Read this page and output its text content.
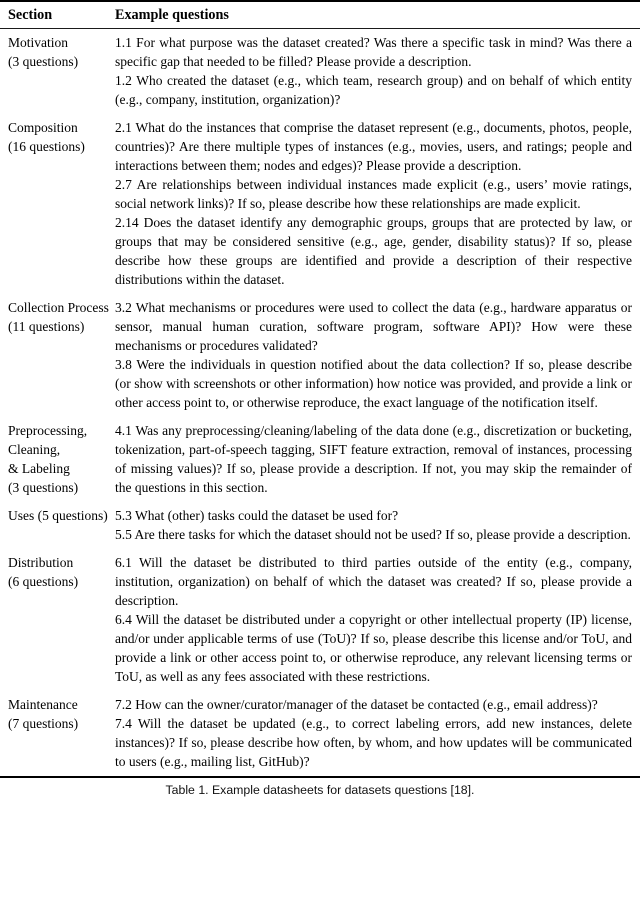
Section	Example questions
Motivation (3 questions)

1.1 For what purpose was the dataset created? Was there a specific task in mind? Was there a specific gap that needed to be filled? Please provide a description.

1.2 Who created the dataset (e.g., which team, research group) and on behalf of which entity (e.g., company, institution, organization)?

Composition (16 questions)

2.1 What do the instances that comprise the dataset represent (e.g., documents, photos, people, countries)? Are there multiple types of instances (e.g., movies, users, and ratings; people and interactions between them; nodes and edges)? Please provide a description.

2.7 Are relationships between individual instances made explicit (e.g., users’ movie ratings, social network links)? If so, please describe how these relationships are made explicit.

2.14 Does the dataset identify any demographic groups, groups that are protected by law, or groups that may be considered sensitive (e.g., age, gender, disability status)? If so, please describe how these groups are identified and provide a description of their respective distributions within the dataset.

Collection Process (11 questions)

3.2 What mechanisms or procedures were used to collect the data (e.g., hardware apparatus or sensor, manual human curation, software program, software API)? How were these mechanisms or procedures validated?

3.8 Were the individuals in question notified about the data collection? If so, please describe (or show with screenshots or other information) how notice was provided, and provide a link or other access point to, or otherwise reproduce, the exact language of the notification itself.

Preprocessing, Cleaning, & Labeling (3 questions)

4.1 Was any preprocessing/cleaning/labeling of the data done (e.g., discretization or bucketing, tokenization, part-of-speech tagging, SIFT feature extraction, removal of instances, processing of missing values)? If so, please provide a description. If not, you may skip the remainder of the questions in this section.

Uses (5 questions) 5.3 What (other) tasks could the dataset be used for?

5.5 Are there tasks for which the dataset should not be used? If so, please provide a description.

Distribution (6 questions)

6.1 Will the dataset be distributed to third parties outside of the entity (e.g., company, institution, organization) on behalf of which the dataset was created? If so, please provide a description.

6.4 Will the dataset be distributed under a copyright or other intellectual property (IP) license, and/or under applicable terms of use (ToU)? If so, please describe this license and/or ToU, and provide a link or other access point to, or otherwise reproduce, any relevant licensing terms or ToU, as well as any fees associated with these restrictions.

Maintenance (7 questions)

7.2 How can the owner/curator/manager of the dataset be contacted (e.g., email address)?

7.4 Will the dataset be updated (e.g., to correct labeling errors, add new instances, delete instances)? If so, please describe how often, by whom, and how updates will be communicated to users (e.g., mailing list, GitHub)?

Table 1. Example datasheets for datasets questions [18].
